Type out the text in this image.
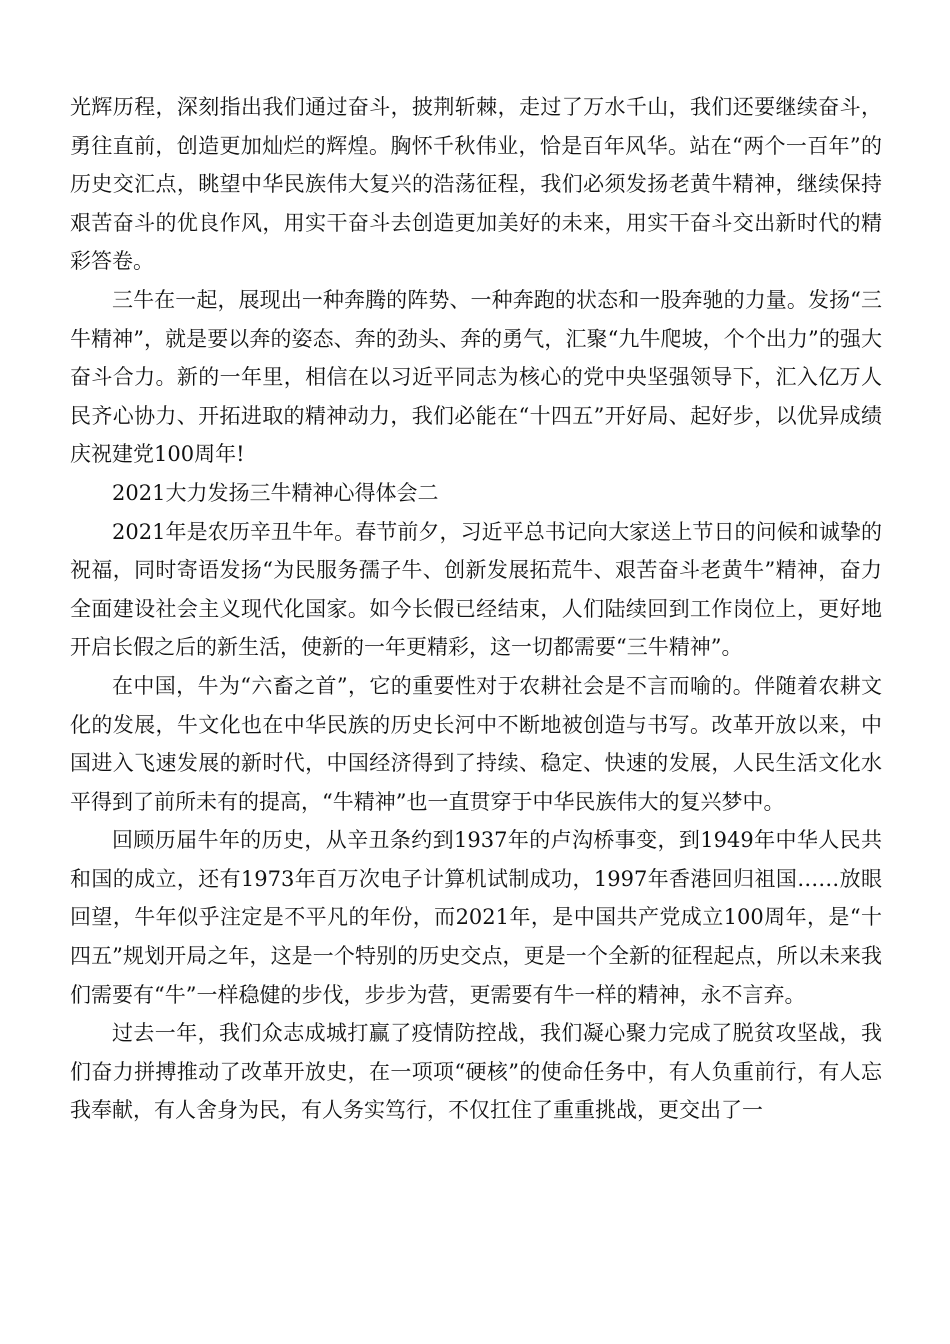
光辉历程，深刻指出我们通过奋斗，披荆斩棘，走过了万水千山，我们还要继续奋斗，勇往直前，创造更加灿烂的辉煌。胸怀千秋伟业，恰是百年风华。站在“两个一百年”的历史交汇点，眺望中华民族伟大复兴的浩荡征程，我们必须发扬老黄牛精神，继续保持艰苦奋斗的优良作风，用实干奋斗去创造更加美好的未来，用实干奋斗交出新时代的精彩答卷。

三牛在一起，展现出一种奔腾的阵势、一种奔跑的状态和一股奔驰的力量。发扬“三牛精神”，就是要以奔的姿态、奔的劲头、奔的勇气，汇聚“九牛爬坡，个个出力”的强大奋斗合力。新的一年里，相信在以习近平同志为核心的党中央坚强领导下，汇入亿万人民齐心协力、开拓进取的精神动力，我们必能在“十四五”开好局、起好步，以优异成绩庆祝建党100周年!

2021大力发扬三牛精神心得体会二

2021年是农历辛丑牛年。春节前夕，习近平总书记向大家送上节日的问候和诚挚的祝福，同时寄语发扬“为民服务孺子牛、创新发展拓荒牛、艰苦奋斗老黄牛”精神，奋力全面建设社会主义现代化国家。如今长假已经结束，人们陆续回到工作岗位上，更好地开启长假之后的新生活，使新的一年更精彩，这一切都需要“三牛精神”。

在中国，牛为“六畜之首”，它的重要性对于农耕社会是不言而喻的。伴随着农耕文化的发展，牛文化也在中华民族的历史长河中不断地被创造与书写。改革开放以来，中国进入飞速发展的新时代，中国经济得到了持续、稳定、快速的发展，人民生活文化水平得到了前所未有的提高，“牛精神”也一直贯穿于中华民族伟大的复兴梦中。

回顾历届牛年的历史，从辛丑条约到1937年的卢沟桥事变，到1949年中华人民共和国的成立，还有1973年百万次电子计算机试制成功，1997年香港回归祖国……放眼回望，牛年似乎注定是不平凡的年份，而2021年，是中国共产党成立100周年，是“十四五”规划开局之年，这是一个特别的历史交点，更是一个全新的征程起点，所以未来我们需要有“牛”一样稳健的步伐，步步为营，更需要有牛一样的精神，永不言弃。

过去一年，我们众志成城打赢了疫情防控战，我们凝心聚力完成了脱贫攻坚战，我们奋力拼搏推动了改革开放史，在一项项“硬核”的使命任务中，有人负重前行，有人忘我奉献，有人舍身为民，有人务实笃行，不仅扛住了重重挑战，更交出了一
